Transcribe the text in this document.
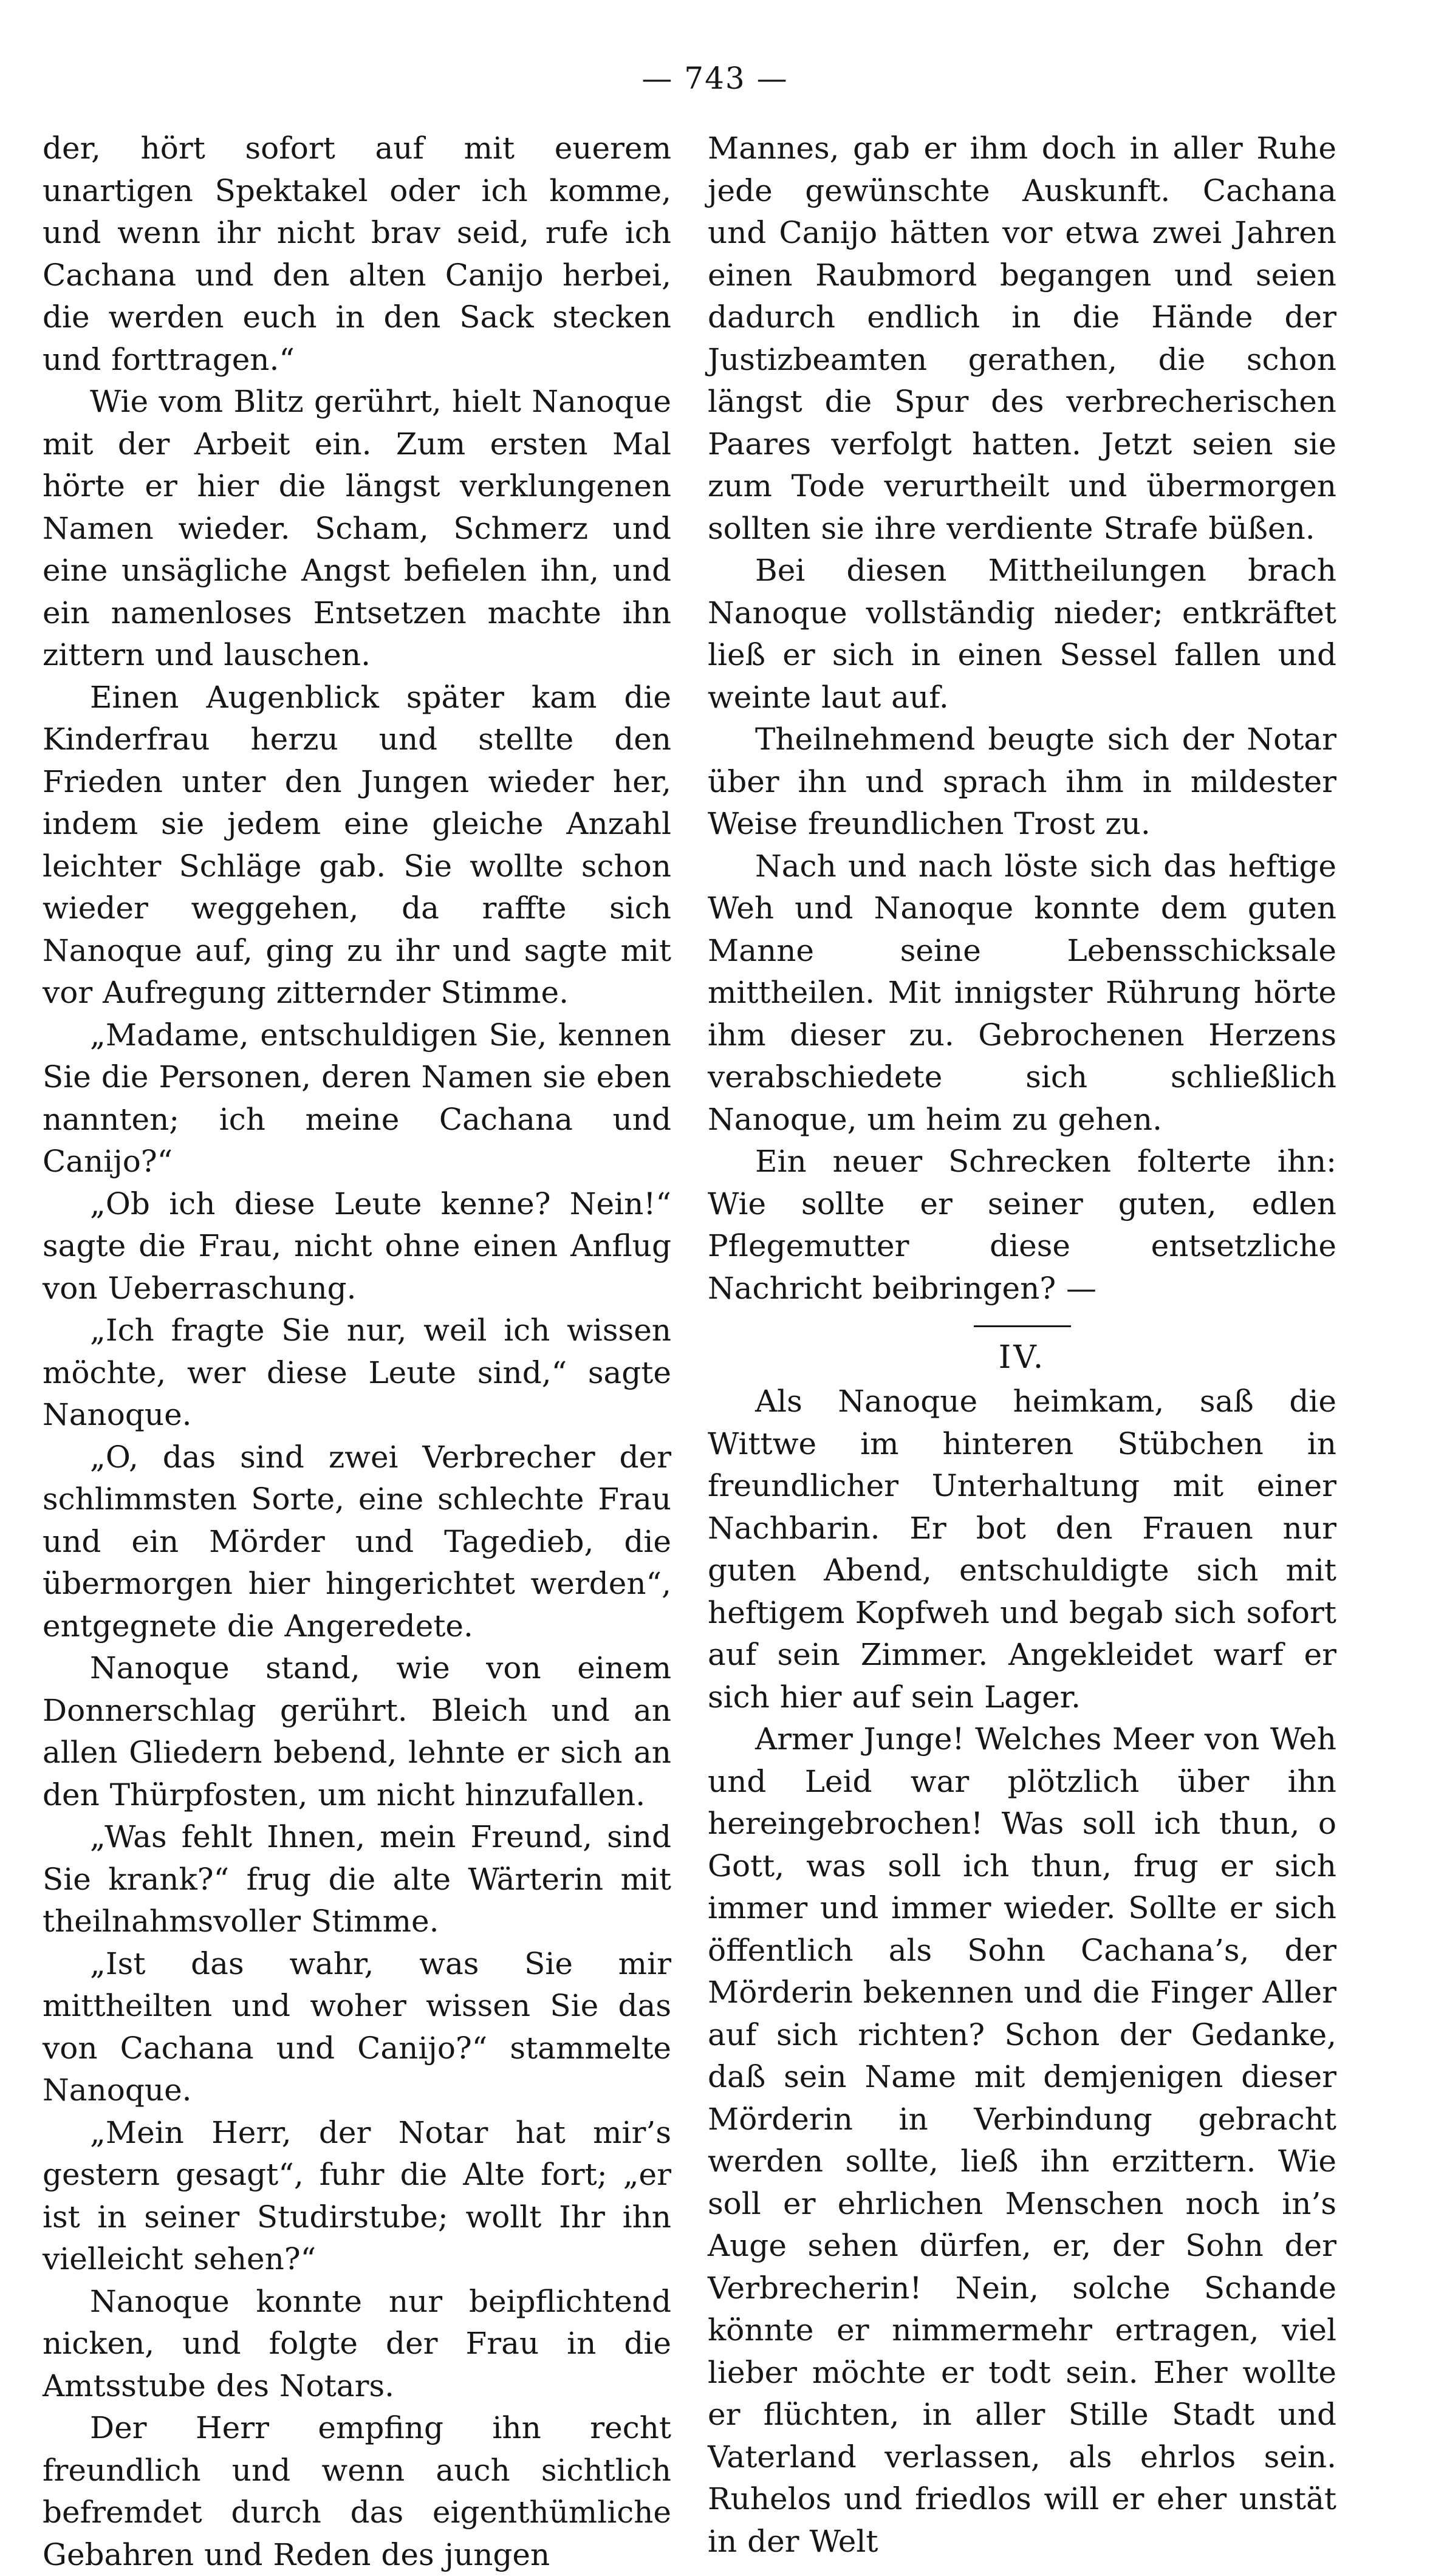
— 743 —

der, hört sofort auf mit euerem unartigen Spektakel oder ich komme, und wenn ihr nicht brav seid, rufe ich Cachana und den alten Canijo herbei, die werden euch in den Sack stecken und forttragen.“

Wie vom Blitz gerührt, hielt Nanoque mit der Arbeit ein. Zum ersten Mal hörte er hier die längst verklungenen Namen wieder. Scham, Schmerz und eine unsägliche Angst befielen ihn, und ein namenloses Entsetzen machte ihn zittern und lauschen.

Einen Augenblick später kam die Kinderfrau herzu und stellte den Frieden unter den Jungen wieder her, indem sie jedem eine gleiche Anzahl leichter Schläge gab. Sie wollte schon wieder weggehen, da raffte sich Nanoque auf, ging zu ihr und sagte mit vor Aufregung zitternder Stimme.

„Madame, entschuldigen Sie, kennen Sie die Personen, deren Namen sie eben nannten; ich meine Cachana und Canijo?“

„Ob ich diese Leute kenne? Nein!“ sagte die Frau, nicht ohne einen Anflug von Ueberraschung.

„Ich fragte Sie nur, weil ich wissen möchte, wer diese Leute sind,“ sagte Nanoque.

„O, das sind zwei Verbrecher der schlimmsten Sorte, eine schlechte Frau und ein Mörder und Tagedieb, die übermorgen hier hingerichtet werden“, entgegnete die Angeredete.

Nanoque stand, wie von einem Donnerschlag gerührt. Bleich und an allen Gliedern bebend, lehnte er sich an den Thürpfosten, um nicht hinzufallen.

„Was fehlt Ihnen, mein Freund, sind Sie krank?“ frug die alte Wärterin mit theilnahmsvoller Stimme.

„Ist das wahr, was Sie mir mittheilten und woher wissen Sie das von Cachana und Canijo?“ stammelte Nanoque.

„Mein Herr, der Notar hat mir’s gestern gesagt“, fuhr die Alte fort; „er ist in seiner Studirstube; wollt Ihr ihn vielleicht sehen?“

Nanoque konnte nur beipflichtend nicken, und folgte der Frau in die Amtsstube des Notars.

Der Herr empfing ihn recht freundlich und wenn auch sichtlich befremdet durch das eigenthümliche Gebahren und Reden des jungen

Mannes, gab er ihm doch in aller Ruhe jede gewünschte Auskunft. Cachana und Canijo hätten vor etwa zwei Jahren einen Raubmord begangen und seien dadurch endlich in die Hände der Justizbeamten gerathen, die schon längst die Spur des verbrecherischen Paares verfolgt hatten. Jetzt seien sie zum Tode verurtheilt und übermorgen sollten sie ihre verdiente Strafe büßen.

Bei diesen Mittheilungen brach Nanoque vollständig nieder; entkräftet ließ er sich in einen Sessel fallen und weinte laut auf.

Theilnehmend beugte sich der Notar über ihn und sprach ihm in mildester Weise freundlichen Trost zu.

Nach und nach löste sich das heftige Weh und Nanoque konnte dem guten Manne seine Lebensschicksale mittheilen. Mit innigster Rührung hörte ihm dieser zu. Gebrochenen Herzens verabschiedete sich schließlich Nanoque, um heim zu gehen.

Ein neuer Schrecken folterte ihn: Wie sollte er seiner guten, edlen Pflegemutter diese entsetzliche Nachricht beibringen? —

IV.

Als Nanoque heimkam, saß die Wittwe im hinteren Stübchen in freundlicher Unterhaltung mit einer Nachbarin. Er bot den Frauen nur guten Abend, entschuldigte sich mit heftigem Kopfweh und begab sich sofort auf sein Zimmer. Angekleidet warf er sich hier auf sein Lager.

Armer Junge! Welches Meer von Weh und Leid war plötzlich über ihn hereingebrochen! Was soll ich thun, o Gott, was soll ich thun, frug er sich immer und immer wieder. Sollte er sich öffentlich als Sohn Cachana’s, der Mörderin bekennen und die Finger Aller auf sich richten? Schon der Gedanke, daß sein Name mit demjenigen dieser Mörderin in Verbindung gebracht werden sollte, ließ ihn erzittern. Wie soll er ehrlichen Menschen noch in’s Auge sehen dürfen, er, der Sohn der Verbrecherin! Nein, solche Schande könnte er nimmermehr ertragen, viel lieber möchte er todt sein. Eher wollte er flüchten, in aller Stille Stadt und Vaterland verlassen, als ehrlos sein. Ruhelos und friedlos will er eher unstät in der Welt
